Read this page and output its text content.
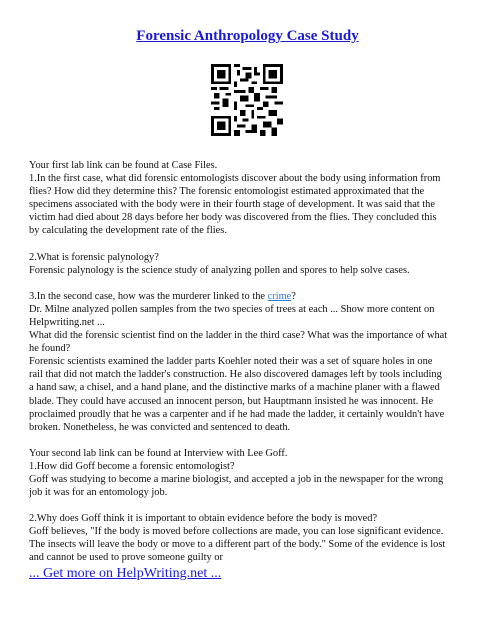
Forensic Anthropology Case Study

Your first lab link can be found at Case Files.
1.In the first case, what did forensic entomologists discover about the body using information from
flies? How did they determine this? The forensic entomologist estimated approximated that the
specimens associated with the body were in their fourth stage of development. It was said that the
victim had died about 28 days before her body was discovered from the flies. They concluded this
by calculating the development rate of the flies.

2.What is forensic palynology?
Forensic palynology is the science study of analyzing pollen and spores to help solve cases.

3.In the second case, how was the murderer linked to the crime?
Dr. Milne analyzed pollen samples from the two species of trees at each ... Show more content on
Helpwriting.net ...
What did the forensic scientist find on the ladder in the third case? What was the importance of what
he found?
Forensic scientists examined the ladder parts Koehler noted their was a set of square holes in one
rail that did not match the ladder's construction. He also discovered damages left by tools including
a hand saw, a chisel, and a hand plane, and the distinctive marks of a machine planer with a flawed
blade. They could have accused an innocent person, but Hauptmann insisted he was innocent. He
proclaimed proudly that he was a carpenter and if he had made the ladder, it certainly wouldn't have
broken. Nonetheless, he was convicted and sentenced to death.

Your second lab link can be found at Interview with Lee Goff.
1.How did Goff become a forensic entomologist?
Goff was studying to become a marine biologist, and accepted a job in the newspaper for the wrong
job it was for an entomology job.

2.Why does Goff think it is important to obtain evidence before the body is moved?
Goff believes, "If the body is moved before collections are made, you can lose significant evidence.
The insects will leave the body or move to a different part of the body." Some of the evidence is lost
and cannot be used to prove someone guilty or

... Get more on HelpWriting.net ...
